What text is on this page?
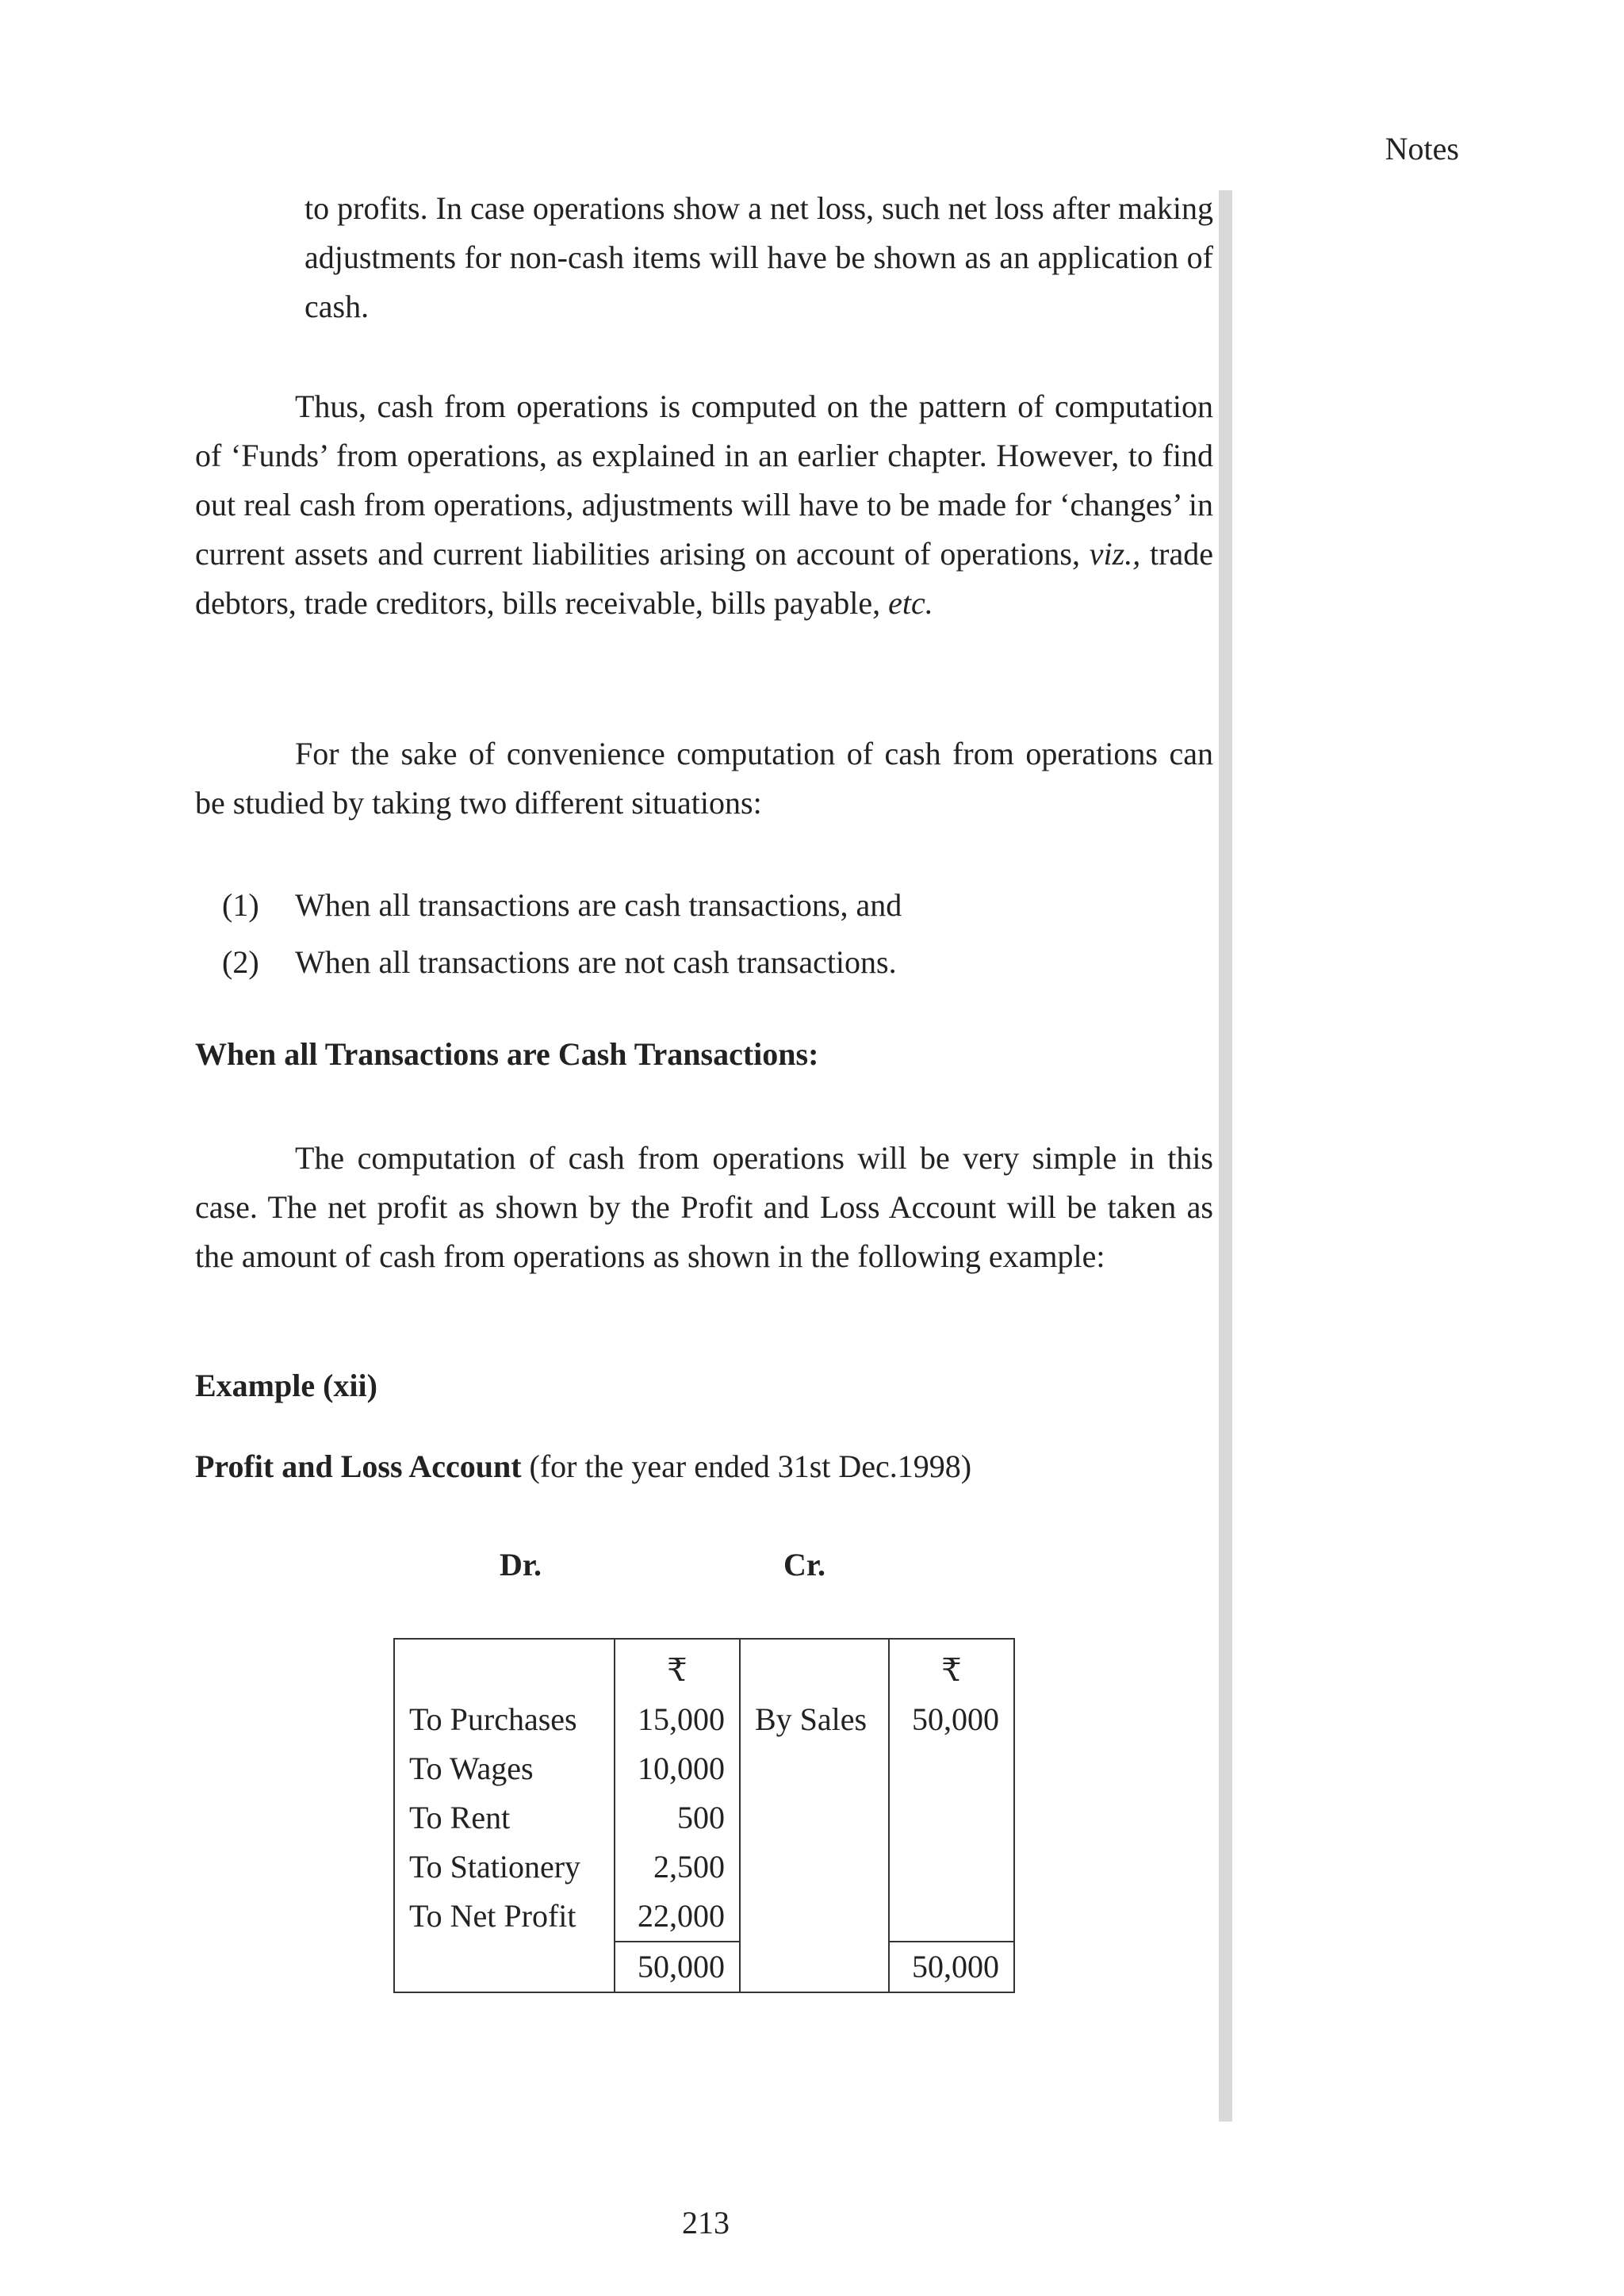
Notes

to profits. In case operations show a net loss, such net loss after making adjustments for non-cash items will have be shown as an application of cash.

Thus, cash from operations is computed on the pattern of computation of ‘Funds’ from operations, as explained in an earlier chapter. However, to find out real cash from operations, adjustments will have to be made for ‘changes’ in current assets and current liabilities arising on account of operations, viz., trade debtors, trade creditors, bills receivable, bills payable, etc.

For the sake of convenience computation of cash from operations can be studied by taking two different situations:

(1) When all transactions are cash transactions, and
(2) When all transactions are not cash transactions.
When all Transactions are Cash Transactions:

The computation of cash from operations will be very simple in this case. The net profit as shown by the Profit and Loss Account will be taken as the amount of cash from operations as shown in the following example:

Example (xii)
Profit and Loss Account (for the year ended 31st Dec.1998)
Dr.	Cr.
	₹		₹
To Purchases	15,000	By Sales	50,000
To Wages	10,000		
To Rent	500		
To Stationery	2,500		
To Net Profit	22,000		
	50,000		50,000
213
